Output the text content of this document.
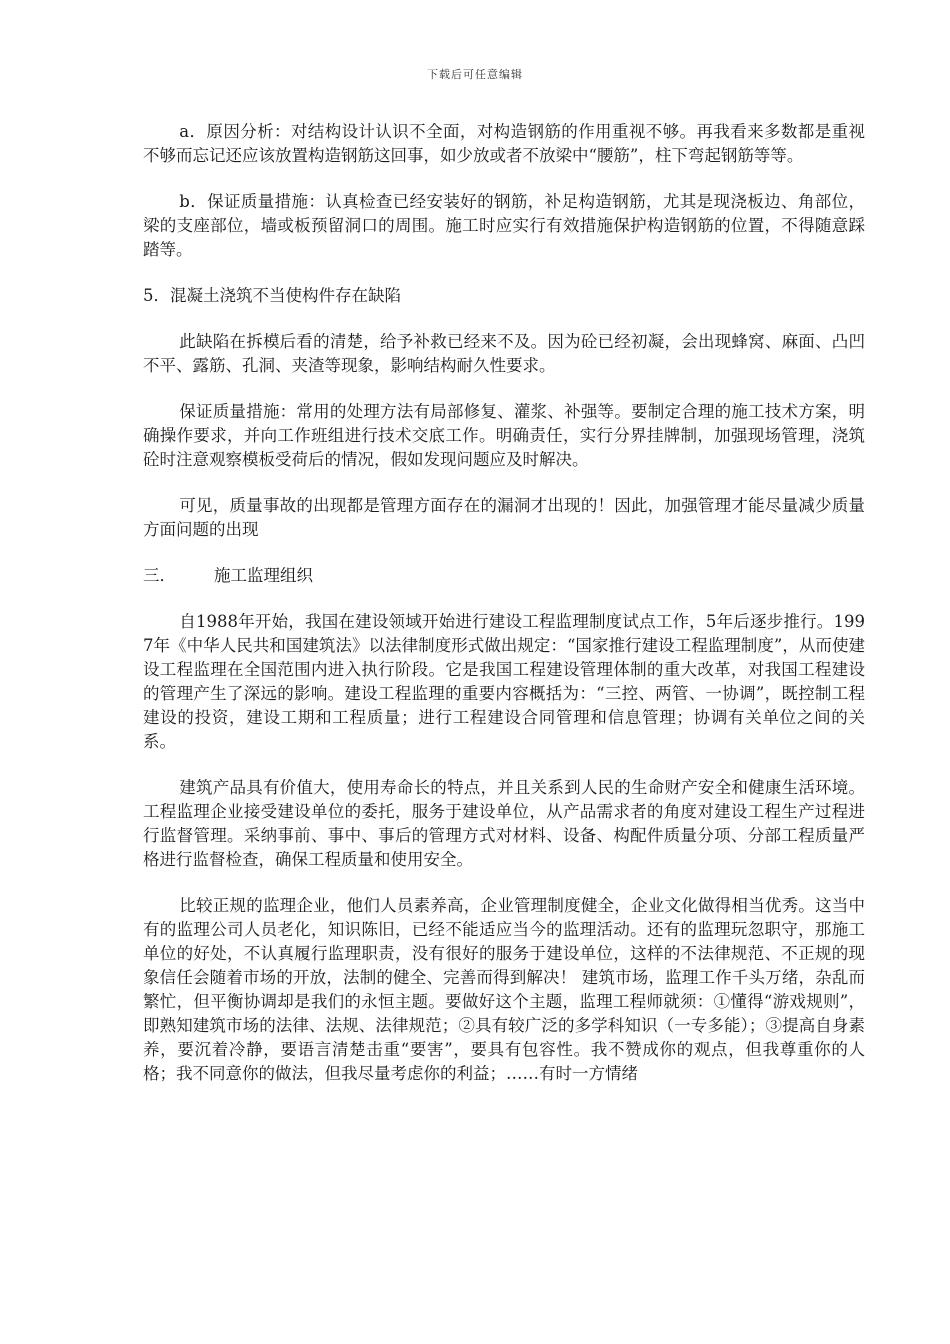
下载后可任意编辑

a．原因分析：对结构设计认识不全面，对构造钢筋的作用重视不够。再我看来多数都是重视不够而忘记还应该放置构造钢筋这回事，如少放或者不放梁中“腰筋”，柱下弯起钢筋等等。

b．保证质量措施：认真检查已经安装好的钢筋，补足构造钢筋，尤其是现浇板边、角部位，梁的支座部位，墙或板预留洞口的周围。施工时应实行有效措施保护构造钢筋的位置，不得随意踩踏等。

5．混凝土浇筑不当使构件存在缺陷

此缺陷在拆模后看的清楚，给予补救已经来不及。因为砼已经初凝，会出现蜂窝、麻面、凸凹不平、露筋、孔洞、夹渣等现象，影响结构耐久性要求。

保证质量措施：常用的处理方法有局部修复、灌浆、补强等。要制定合理的施工技术方案，明确操作要求，并向工作班组进行技术交底工作。明确责任，实行分界挂牌制，加强现场管理，浇筑砼时注意观察模板受荷后的情况，假如发现问题应及时解决。

可见，质量事故的出现都是管理方面存在的漏洞才出现的！因此，加强管理才能尽量减少质量方面问题的出现

三． 施工监理组织

自1988年开始，我国在建设领域开始进行建设工程监理制度试点工作，5年后逐步推行。1997年《中华人民共和国建筑法》以法律制度形式做出规定：“国家推行建设工程监理制度”，从而使建设工程监理在全国范围内进入执行阶段。它是我国工程建设管理体制的重大改革，对我国工程建设的管理产生了深远的影响。建设工程监理的重要内容概括为：“三控、两管、一协调”，既控制工程建设的投资，建设工期和工程质量；进行工程建设合同管理和信息管理；协调有关单位之间的关系。

建筑产品具有价值大，使用寿命长的特点，并且关系到人民的生命财产安全和健康生活环境。工程监理企业接受建设单位的委托，服务于建设单位，从产品需求者的角度对建设工程生产过程进行监督管理。采纳事前、事中、事后的管理方式对材料、设备、构配件质量分项、分部工程质量严格进行监督检查，确保工程质量和使用安全。

比较正规的监理企业，他们人员素养高，企业管理制度健全，企业文化做得相当优秀。这当中有的监理公司人员老化，知识陈旧，已经不能适应当今的监理活动。还有的监理玩忽职守，那施工单位的好处，不认真履行监理职责，没有很好的服务于建设单位，这样的不法律规范、不正规的现象信任会随着市场的开放，法制的健全、完善而得到解决！ 建筑市场，监理工作千头万绪，杂乱而繁忙，但平衡协调却是我们的永恒主题。要做好这个主题，监理工程师就须：①懂得“游戏规则”，即熟知建筑市场的法律、法规、法律规范；②具有较广泛的多学科知识（一专多能）；③提高自身素养，要沉着冷静，要语言清楚击重“要害”，要具有包容性。我不赞成你的观点，但我尊重你的人格；我不同意你的做法，但我尽量考虑你的利益；……有时一方情绪
